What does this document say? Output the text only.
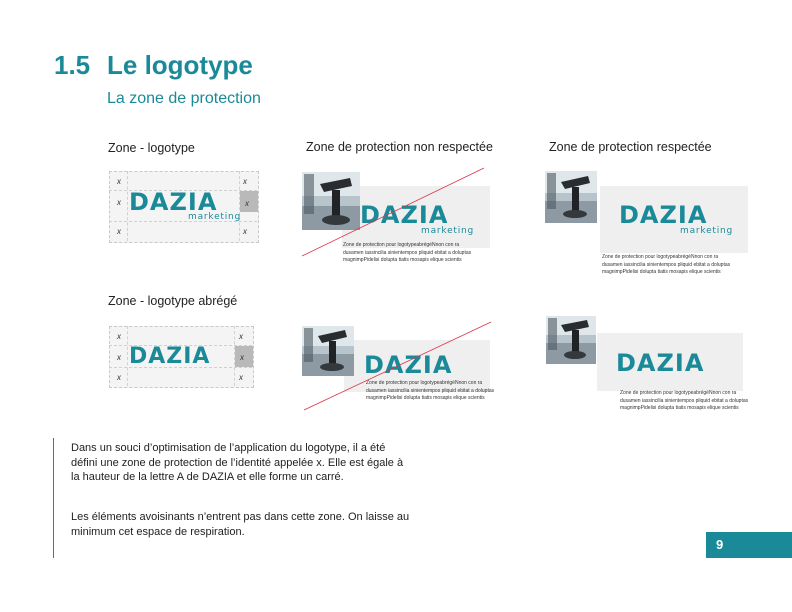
1.5 Le logotype
La zone de protection
Zone - logotype	Zone de protection non respectée	Zone de protection respectée
Zone - logotype abrégé
x	x
x
x
x	x
DAZIA
marketing	DAZIA
marketing
Zone de protection pour logotypeabrégéNnon con ra
dusamen iassincilia sinientempos pliquid ebitat a doluptas
magnimpPidelisi dolupta tiatis mosapis elique scientis
DAZIA
marketing
Zone de protection pour logotypeabrégéNnon con ra
dusamen iassincilia sinientempos pliquid ebitat a doluptas
magnimpPidelisi dolupta tiatis mosapis elique scientis
x	x
x
x
x	x
DAZIA	DAZIA
Zone de protection pour logotypeabrégéNnon con ra
dusamen iassincilia sinientempos pliquid ebitat a doluptas
magnimpPidelisi dolupta tiatis mosapis elique scientis
DAZIA
Zone de protection pour logotypeabrégéNnon con ra
dusamen iassincilia sinientempos pliquid ebitat a doluptas
magnimpPidelisi dolupta tiatis mosapis elique scientis
Dans un souci d’optimisation de l’application du logotype, il a été défini une zone de protection de l’identité appelée x. Elle est égale à la hauteur de la lettre A de DAZIA et elle forme un carré.
Les éléments avoisinants n’entrent pas dans cette zone. On laisse au minimum cet espace de respiration.
9
